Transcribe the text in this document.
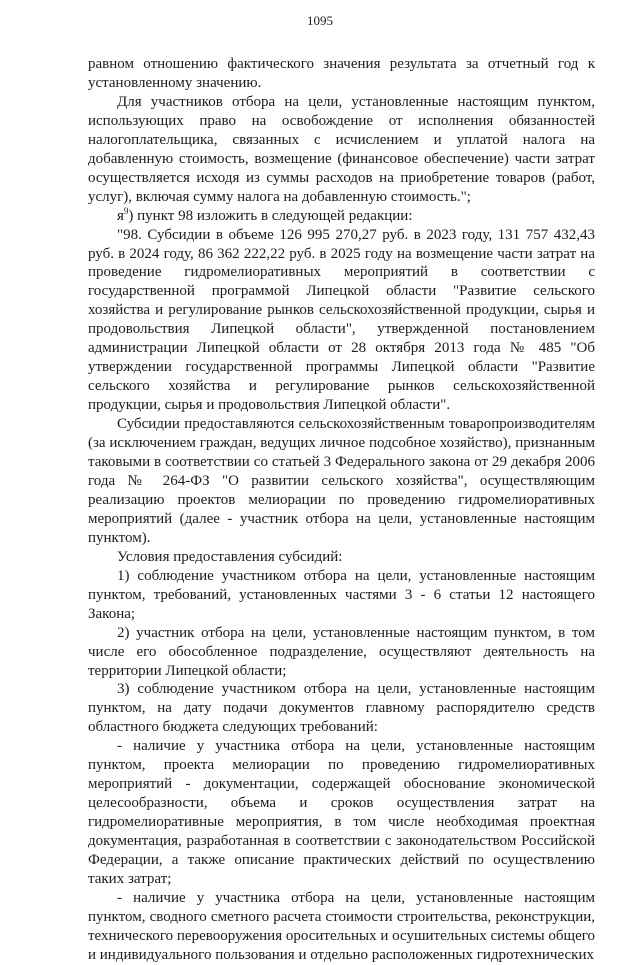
1095

равном отношению фактического значения результата за отчетный год к установленному значению.

Для участников отбора на цели, установленные настоящим пунктом, использующих право на освобождение от исполнения обязанностей налогоплательщика, связанных с исчислением и уплатой налога на добавленную стоимость, возмещение (финансовое обеспечение) части затрат осуществляется исходя из суммы расходов на приобретение товаров (работ, услуг), включая сумму налога на добавленную стоимость.";

$я^9$) пункт 98 изложить в следующей редакции:

"98. Субсидии в объеме 126 995 270,27 руб. в 2023 году, 131 757 432,43 руб. в 2024 году, 86 362 222,22 руб. в 2025 году на возмещение части затрат на проведение гидромелиоративных мероприятий в соответствии с государственной программой Липецкой области "Развитие сельского хозяйства и регулирование рынков сельскохозяйственной продукции, сырья и продовольствия Липецкой области", утвержденной постановлением администрации Липецкой области от 28 октября 2013 года № 485 "Об утверждении государственной программы Липецкой области "Развитие сельского хозяйства и регулирование рынков сельскохозяйственной продукции, сырья и продовольствия Липецкой области".

Субсидии предоставляются сельскохозяйственным товаропроизводителям (за исключением граждан, ведущих личное подсобное хозяйство), признанным таковыми в соответствии со статьей 3 Федерального закона от 29 декабря 2006 года № 264-ФЗ "О развитии сельского хозяйства", осуществляющим реализацию проектов мелиорации по проведению гидромелиоративных мероприятий (далее - участник отбора на цели, установленные настоящим пунктом).

Условия предоставления субсидий:

1) соблюдение участником отбора на цели, установленные настоящим пунктом, требований, установленных частями 3 - 6 статьи 12 настоящего Закона;

2) участник отбора на цели, установленные настоящим пунктом, в том числе его обособленное подразделение, осуществляют деятельность на территории Липецкой области;

3) соблюдение участником отбора на цели, установленные настоящим пунктом, на дату подачи документов главному распорядителю средств областного бюджета следующих требований:

- наличие у участника отбора на цели, установленные настоящим пунктом, проекта мелиорации по проведению гидромелиоративных мероприятий - документации, содержащей обоснование экономической целесообразности, объема и сроков осуществления затрат на гидромелиоративные мероприятия, в том числе необходимая проектная документация, разработанная в соответствии с законодательством Российской Федерации, а также описание практических действий по осуществлению таких затрат;

- наличие у участника отбора на цели, установленные настоящим пунктом, сводного сметного расчета стоимости строительства, реконструкции, технического перевооружения оросительных и осушительных системы общего и индивидуального пользования и отдельно расположенных гидротехнических
